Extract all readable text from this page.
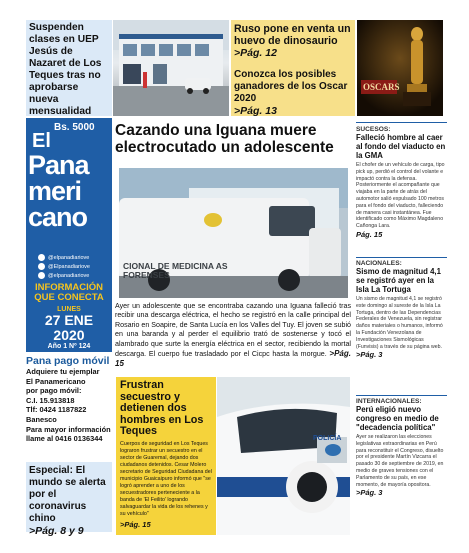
Suspenden clases en UEP Jesús de Nazaret de Los Teques tras no aprobarse nueva mensualidad
Ruso pone en venta un huevo de dinosaurio
>Pág. 12
Conozca los posibles ganadores de los Oscar 2020
>Pág. 13
OSCARS
Bs. 5000
El
Pana
meri
cano
@elpanadiariove
@Elpanadiariove
@elpanadiariove
INFORMACIÓN
QUE CONECTA
LUNES
27 ENE
2020
Año 1 Nº 124
Pana pago móvil
Adquiere tu ejemplar
El Panamericano
por pago móvil:
C.I. 15.913818
Tlf: 0424 1187822 Banesco
Para mayor información
llame al 0416 0136344
Especial: El mundo se alerta por el coronavirus chino
>Pág. 8 y 9
Cazando una Iguana muere electrocutado un adolescente
CIONAL DE MEDICINA AS FORENSES
Ayer un adolescente que se encontraba cazando una Iguana falleció tras recibir una descarga eléctrica, el hecho se registró en la calle principal del Rosario en Soapire, de Santa Lucía en los Valles del Tuy. El joven se subió en una baranda y al perder el equilibrio trató de sostenerse y tocó el alambrado que surte la energía eléctrica en el sector, recibiendo la mortal descarga. El cuerpo fue trasladado por el Cicpc hasta la morgue. >Pág. 15
Frustran secuestro y detienen dos hombres en Los Teques
Cuerpos de seguridad en Los Teques lograron frustrar un secuestro en el sector de Guaremal, dejando dos ciudadanos detenidos. Cesar Molero secretario de Seguridad Ciudadana del municipio Guaicaipuro informó que "se logró aprender a uno de los secuestradores perteneciente a la banda de 'El Feilito' logrando salvaguardar la vida de los rehenes y su vehículo"
>Pág. 15
POLICÍA
SUCESOS:
Falleció hombre al caer al fondo del viaducto en la GMA
El chofer de un vehículo de carga, tipo pick up, perdió el control del volante e impactó contra la defensa. Posteriormente el acompañante que viajaba en la parte de atrás del automotor salió expulsado 100 metros para el fondo del viaducto, falleciendo de manera casi instantánea. Fue identificado como Máximo Magdaleno Cañonga Lara.
Pág. 15
NACIONALES:
Sismo de magnitud 4,1 se registró ayer en la Isla La Tortuga
Un sismo de magnitud 4,1 se registró este domingo al sureste de la Isla La Tortuga, dentro de las Dependencias Federales de Venezuela, sin registrar daños materiales o humanos, informó la Fundación Venezolana de Investigaciones Sismológicas (Funvisis) a través de su página web.
>Pág. 3
INTERNACIONALES:
Perú eligió nuevo congreso en medio de "decadencia política"
Ayer se realizaron las elecciones legislativas extraordinarias en Perú para reconstituir el Congreso, disuelto por el presidente Martín Vizcarra el pasado 30 de septiembre de 2019, en medio de graves tensiones con el Parlamento de su país, en ese momento, de mayoría opositora.
>Pág. 3
